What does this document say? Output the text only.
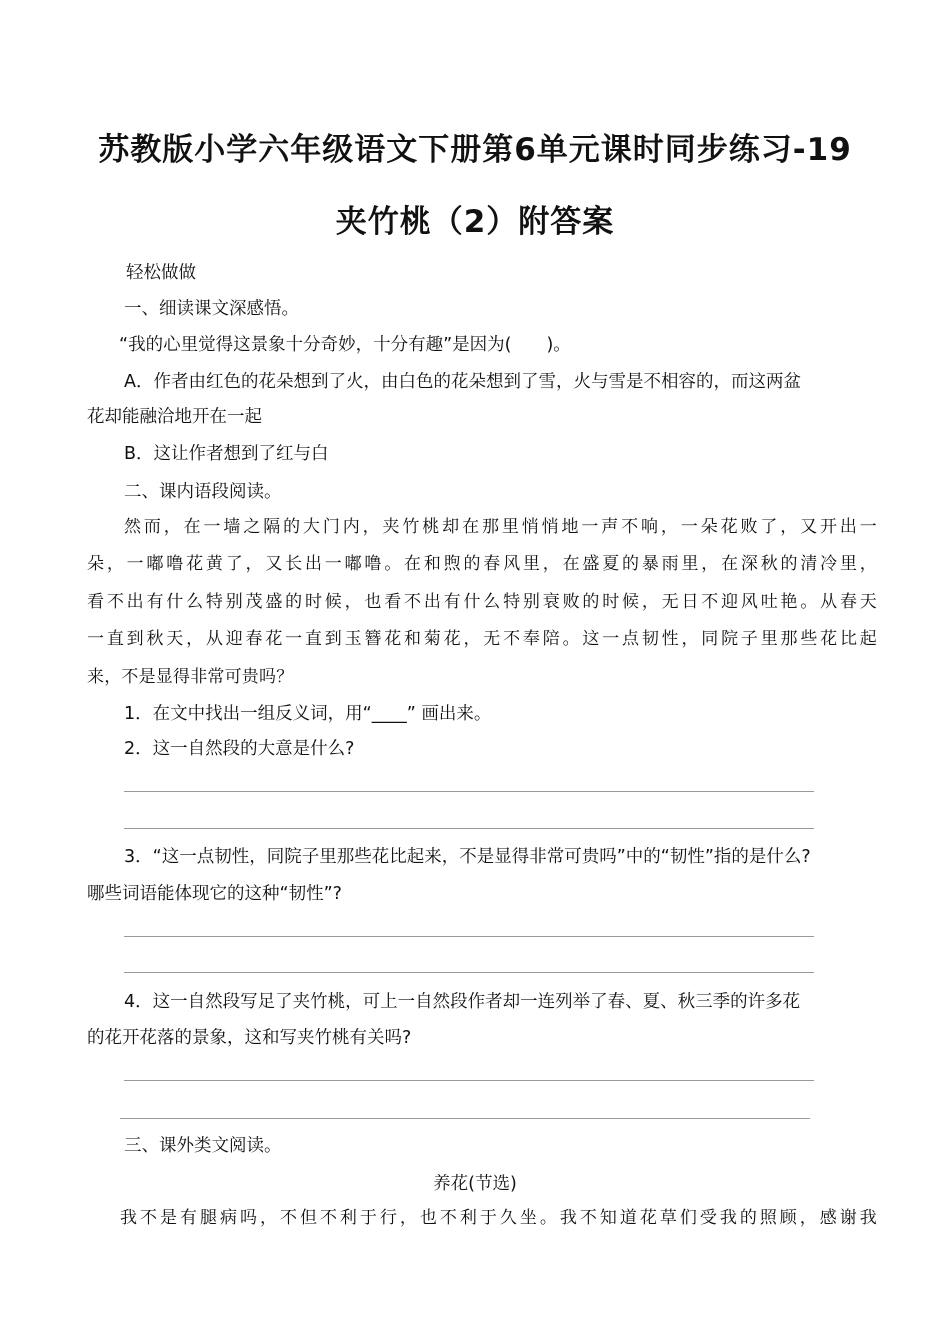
苏教版小学六年级语文下册第6单元课时同步练习-19
夹竹桃（2）附答案
轻松做做
一、细读课文深感悟。
“我的心里觉得这景象十分奇妙，十分有趣”是因为(　　)。
A．作者由红色的花朵想到了火，由白色的花朵想到了雪，火与雪是不相容的，而这两盆
花却能融洽地开在一起
B．这让作者想到了红与白
二、课内语段阅读。
然而，在一墙之隔的大门内，夹竹桃却在那里悄悄地一声不响，一朵花败了，又开出一
朵，一嘟噜花黄了，又长出一嘟噜。在和煦的春风里，在盛夏的暴雨里，在深秋的清冷里，
看不出有什么特别茂盛的时候，也看不出有什么特别衰败的时候，无日不迎风吐艳。从春天
一直到秋天，从迎春花一直到玉簪花和菊花，无不奉陪。这一点韧性，同院子里那些花比起
来，不是显得非常可贵吗？
1．在文中找出一组反义词，用“____” 画出来。
2．这一自然段的大意是什么?
3．“这一点韧性，同院子里那些花比起来，不是显得非常可贵吗”中的“韧性”指的是什么?
哪些词语能体现它的这种“韧性”?
4．这一自然段写足了夹竹桃，可上一自然段作者却一连列举了春、夏、秋三季的许多花
的花开花落的景象，这和写夹竹桃有关吗?
三、课外类文阅读。
养花(节选)
我不是有腿病吗，不但不利于行，也不利于久坐。我不知道花草们受我的照顾，感谢我
